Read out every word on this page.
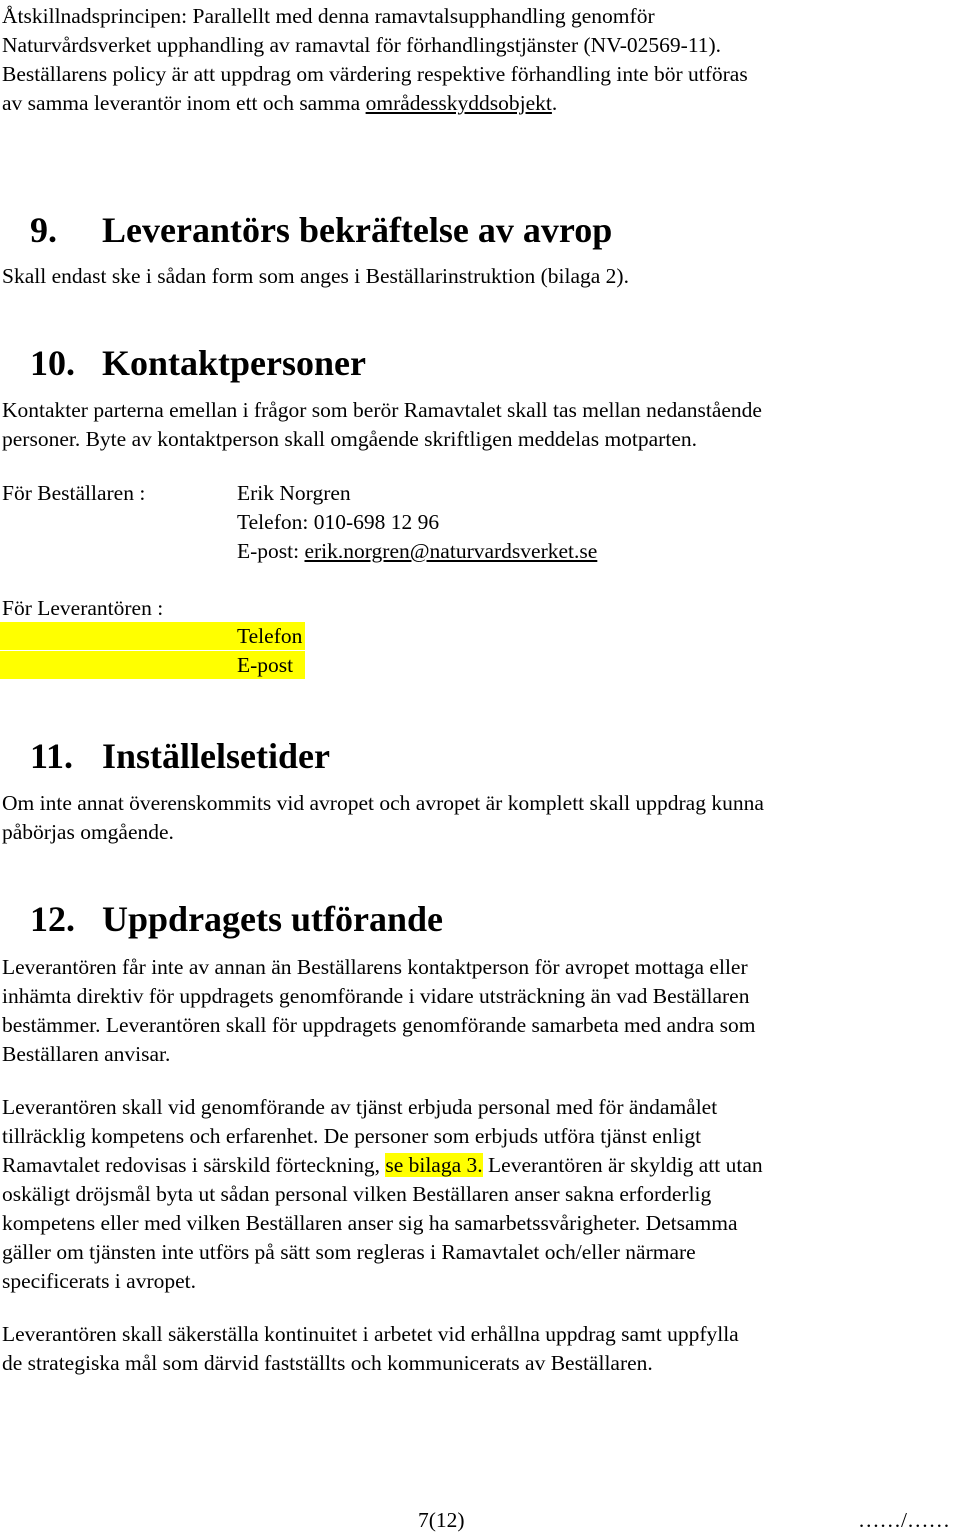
Åtskillnadsprincipen: Parallellt med denna ramavtalsupphandling genomför
Naturvårdsverket upphandling av ramavtal för förhandlingstjänster (NV-02569-11).
Beställarens policy är att uppdrag om värdering respektive förhandling inte bör utföras
av samma leverantör inom ett och samma områdesskyddsobjekt.
9. Leverantörs bekräftelse av avrop
Skall endast ske i sådan form som anges i Beställarinstruktion (bilaga 2).
10. Kontaktpersoner
Kontakter parterna emellan i frågor som berör Ramavtalet skall tas mellan nedanstående
personer. Byte av kontaktperson skall omgående skriftligen meddelas motparten.
För Beställaren :	Erik Norgren
Telefon: 010-698 12 96
E-post: erik.norgren@naturvardsverket.se
För Leverantören :
Telefon
E-post
11. Inställelsetider
Om inte annat överenskommits vid avropet och avropet är komplett skall uppdrag kunna
påbörjas omgående.
12. Uppdragets utförande
Leverantören får inte av annan än Beställarens kontaktperson för avropet mottaga eller
inhämta direktiv för uppdragets genomförande i vidare utsträckning än vad Beställaren
bestämmer. Leverantören skall för uppdragets genomförande samarbeta med andra som
Beställaren anvisar.
Leverantören skall vid genomförande av tjänst erbjuda personal med för ändamålet
tillräcklig kompetens och erfarenhet. De personer som erbjuds utföra tjänst enligt
Ramavtalet redovisas i särskild förteckning, se bilaga 3. Leverantören är skyldig att utan
oskäligt dröjsmål byta ut sådan personal vilken Beställaren anser sakna erforderlig
kompetens eller med vilken Beställaren anser sig ha samarbetssvårigheter. Detsamma
gäller om tjänsten inte utförs på sätt som regleras i Ramavtalet och/eller närmare
specificerats i avropet.
Leverantören skall säkerställa kontinuitet i arbetet vid erhållna uppdrag samt uppfylla
de strategiska mål som därvid fastställts och kommunicerats av Beställaren.
7(12)	……/……
